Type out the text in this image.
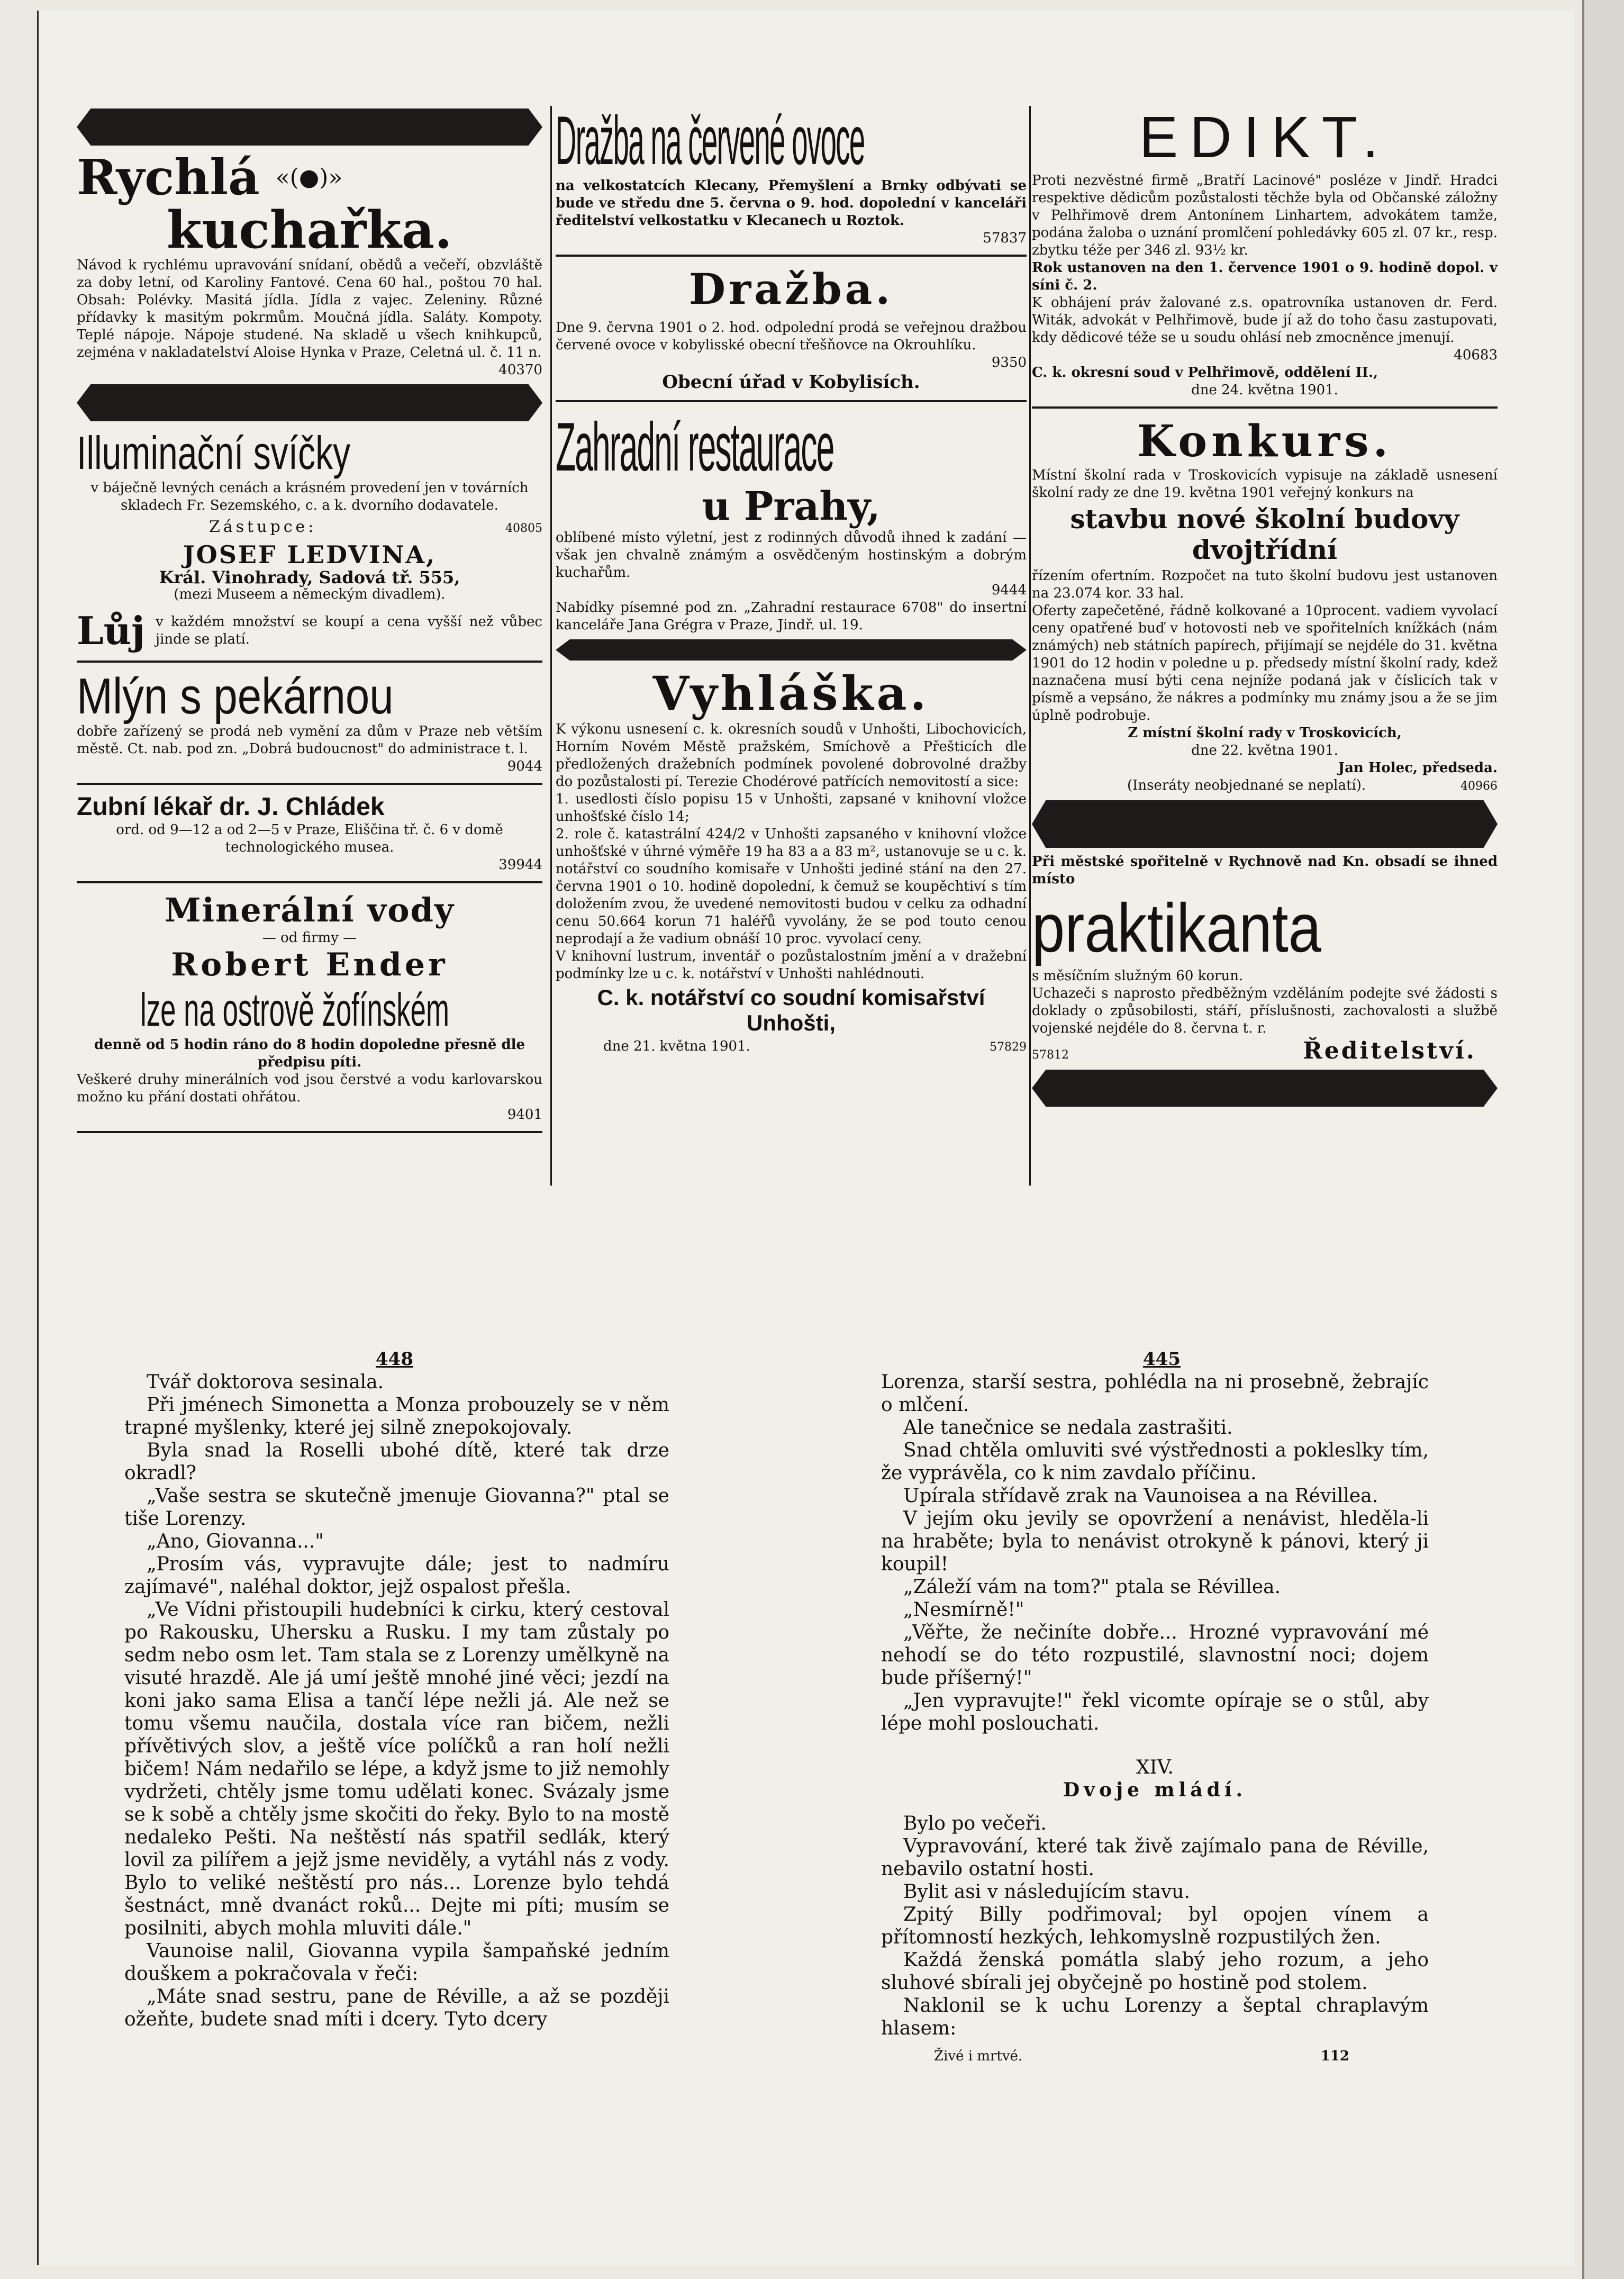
Rychlá «(●)»

kuchařka.

Návod k rychlému upravování snídaní, obědů a večeří, obzvláště za doby letní, od Karoliny Fantové. Cena 60 hal., poštou 70 hal. Obsah: Polévky. Masitá jídla. Jídla z vajec. Zeleniny. Různé přídavky k masitým pokrmům. Moučná jídla. Saláty. Kompoty. Teplé nápoje. Nápoje studené. Na skladě u všech knihkupců, zejména v nakladatelství Aloise Hynka v Praze, Celetná ul. č. 11 n.

40370

Illuminační svíčky

v báječně levných cenách a krásném provedení jen v továrních skladech Fr. Sezemského, c. a k. dvorního dodavatele.

Zástupce:	40805

JOSEF LEDVINA,

Král. Vinohrady, Sadová tř. 555,

(mezi Museem a německým divadlem).

Lůj v každém množství se koupí a cena vyšší než vůbec jinde se platí.
Mlýn s pekárnou

dobře zařízený se prodá neb vymění za dům v Praze neb větším městě. Ct. nab. pod zn. „Dobrá budoucnost" do administrace t. l.

9044

Zubní lékař dr. J. Chládek

ord. od 9—12 a od 2—5 v Praze, Eliščina tř. č. 6 v domě technologického musea.

39944

Minerální vody

— od firmy —

Robert Ender

lze na ostrově žofínském

denně od 5 hodin ráno do 8 hodin dopoledne přesně dle předpisu píti.

Veškeré druhy minerálních vod jsou čerstvé a vodu karlovarskou možno ku přání dostati ohřátou.

9401

Dražba na červené ovoce

na velkostatcích Klecany, Přemyšlení a Brnky odbývati se bude ve středu dne 5. června o 9. hod. dopolední v kanceláři ředitelství velkostatku v Klecanech u Roztok.

57837

Dražba.

Dne 9. června 1901 o 2. hod. odpolední prodá se veřejnou dražbou červené ovoce v kobylisské obecní třešňovce na Okrouhlíku.

9350

Obecní úřad v Kobylisích.

Zahradní restaurace

u Prahy,

oblíbené místo výletní, jest z rodinných důvodů ihned k zadání — však jen chvalně známým a osvědčeným hostinským a dobrým kuchařům.

9444

Nabídky písemné pod zn. „Zahradní restaurace 6708" do insertní kanceláře Jana Grégra v Praze, Jindř. ul. 19.

Vyhláška.

K výkonu usnesení c. k. okresních soudů v Unhošti, Libochovicích, Horním Novém Městě pražském, Smíchově a Přešticích dle předložených dražebních podmínek povolené dobrovolné dražby do pozůstalosti pí. Terezie Chodérové patřících nemovitostí a sice:

1. usedlosti číslo popisu 15 v Unhošti, zapsané v knihovní vložce unhošťské číslo 14;

2. role č. katastrální 424/2 v Unhošti zapsaného v knihovní vložce unhošťské v úhrné výměře 19 ha 83 a a 83 m², ustanovuje se u c. k. notářství co soudního komisaře v Unhošti jediné stání na den 27. června 1901 o 10. hodině dopolední, k čemuž se koupěchtiví s tím doložením zvou, že uvedené nemovitosti budou v celku za odhadní cenu 50.664 korun 71 haléřů vyvolány, že se pod touto cenou neprodají a že vadium obnáší 10 proc. vyvolací ceny.

V knihovní lustrum, inventář o pozůstalostním jmění a v dražební podmínky lze u c. k. notářství v Unhošti nahlédnouti.

C. k. notářství co soudní komisařství Unhošti,

dne 21. května 1901.	57829

EDIKT.

Proti nezvěstné firmě „Bratří Lacinové" posléze v Jindř. Hradci respektive dědicům pozůstalosti těchže byla od Občanské záložny v Pelhřimově drem Antonínem Linhartem, advokátem tamže, podána žaloba o uznání promlčení pohledávky 605 zl. 07 kr., resp. zbytku téže per 346 zl. 93½ kr.

Rok ustanoven na den 1. července 1901 o 9. hodině dopol. v síni č. 2.

K obhájení práv žalované z.s. opatrovníka ustanoven dr. Ferd. Witák, advokát v Pelhřimově, bude jí až do toho času zastupovati, kdy dědicové téže se u soudu ohlásí neb zmocněnce jmenují.

40683

C. k. okresní soud v Pelhřimově, oddělení II.,

dne 24. května 1901.

Konkurs.

Místní školní rada v Troskovicích vypisuje na základě usnesení školní rady ze dne 19. května 1901 veřejný konkurs na

stavbu nové školní budovy dvojtřídní

řízením ofertním. Rozpočet na tuto školní budovu jest ustanoven na 23.074 kor. 33 hal.

Oferty zapečetěné, řádně kolkované a 10procent. vadiem vyvolací ceny opatřené buď v hotovosti neb ve spořitelních knížkách (nám známých) neb státních papírech, přijímají se nejdéle do 31. května 1901 do 12 hodin v poledne u p. předsedy místní školní rady, kdež naznačena musí býti cena nejníže podaná jak v číslicích tak v písmě a vepsáno, že nákres a podmínky mu známy jsou a že se jim úplně podrobuje.

Z místní školní rady v Troskovicích,

dne 22. května 1901.

Jan Holec, předseda.

(Inseráty neobjednané se neplatí).	40966

Při městské spořitelně v Rychnově nad Kn. obsadí se ihned místo

praktikanta

s měsíčním služným 60 korun.

Uchazeči s naprosto předběžným vzděláním podejte své žádosti s doklady o způsobilosti, stáří, příslušnosti, zachovalosti a službě vojenské nejdéle do 8. června t. r.

57812	Ředitelství.
448	445

Tvář doktorova sesinala.

Při jménech Simonetta a Monza probouzely se v něm trapné myšlenky, které jej silně znepokojovaly.

Byla snad la Roselli ubohé dítě, které tak drze okradl?

„Vaše sestra se skutečně jmenuje Giovanna?" ptal se tiše Lorenzy.

„Ano, Giovanna..."

„Prosím vás, vypravujte dále; jest to nadmíru zajímavé", naléhal doktor, jejž ospalost přešla.

„Ve Vídni přistoupili hudebníci k cirku, který cestoval po Rakousku, Uhersku a Rusku. I my tam zůstaly po sedm nebo osm let. Tam stala se z Lorenzy umělkyně na visuté hrazdě. Ale já umí ještě mnohé jiné věci; jezdí na koni jako sama Elisa a tančí lépe nežli já. Ale než se tomu všemu naučila, dostala více ran bičem, nežli přívětivých slov, a ještě více políčků a ran holí nežli bičem! Nám nedařilo se lépe, a když jsme to již nemohly vydržeti, chtěly jsme tomu udělati konec. Svázaly jsme se k sobě a chtěly jsme skočiti do řeky. Bylo to na mostě nedaleko Pešti. Na neštěstí nás spatřil sedlák, který lovil za pilířem a jejž jsme neviděly, a vytáhl nás z vody. Bylo to veliké neštěstí pro nás... Lorenze bylo tehdá šestnáct, mně dvanáct roků... Dejte mi píti; musím se posilniti, abych mohla mluviti dále."

Vaunoise nalil, Giovanna vypila šampaňské jedním douškem a pokračovala v řeči:

„Máte snad sestru, pane de Réville, a až se později ožeňte, budete snad míti i dcery. Tyto dcery

Lorenza, starší sestra, pohlédla na ni prosebně, žebrajíc o mlčení.

Ale tanečnice se nedala zastrašiti.

Snad chtěla omluviti své výstřednosti a pokleslky tím, že vyprávěla, co k nim zavdalo příčinu.

Upírala střídavě zrak na Vaunoisea a na Révillea.

V jejím oku jevily se opovržení a nenávist, hleděla-li na hraběte; byla to nenávist otrokyně k pánovi, který ji koupil!

„Záleží vám na tom?" ptala se Révillea.

„Nesmírně!"

„Věřte, že nečiníte dobře... Hrozné vypravování mé nehodí se do této rozpustilé, slavnostní noci; dojem bude příšerný!"

„Jen vypravujte!" řekl vicomte opíraje se o stůl, aby lépe mohl poslouchati.

XIV.

Dvoje mládí.

Bylo po večeři.

Vypravování, které tak živě zajímalo pana de Réville, nebavilo ostatní hosti.

Bylit asi v následujícím stavu.

Zpitý Billy podřimoval; byl opojen vínem a přítomností hezkých, lehkomyslně rozpustilých žen.

Každá ženská pomátla slabý jeho rozum, a jeho sluhové sbírali jej obyčejně po hostině pod stolem.

Naklonil se k uchu Lorenzy a šeptal chraplavým hlasem:

Živé i mrtvé.	112
